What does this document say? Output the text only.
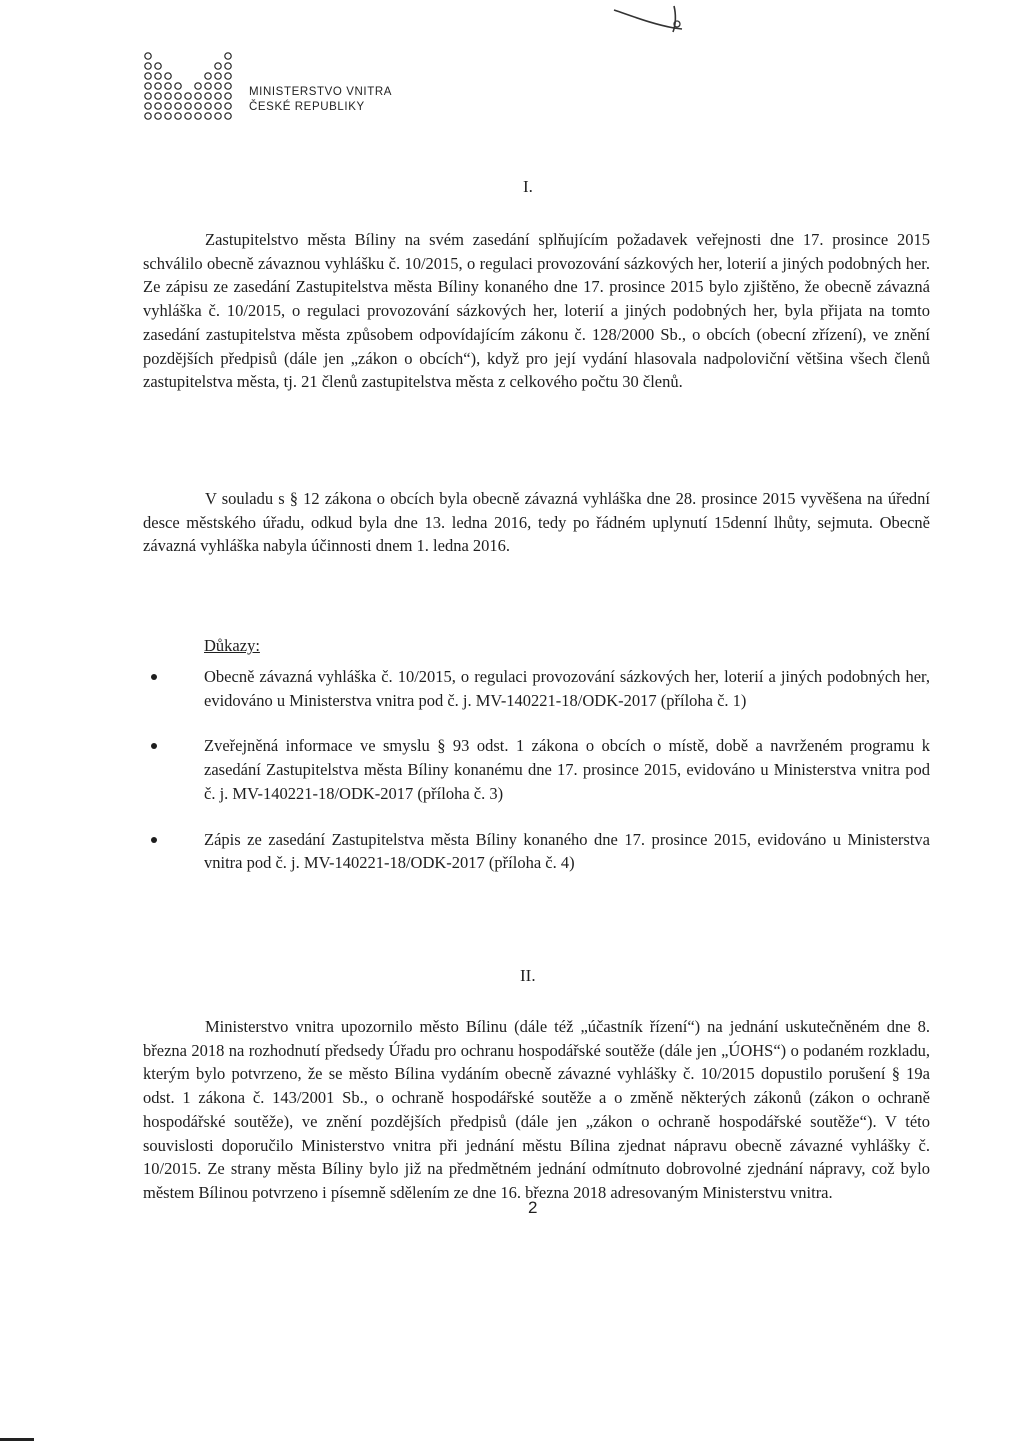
MINISTERSTVO VNITRA
ČESKÉ REPUBLIKY
I.

Zastupitelstvo města Bíliny na svém zasedání splňujícím požadavek veřejnosti dne 17. prosince 2015 schválilo obecně závaznou vyhlášku č. 10/2015, o regulaci provozování sázkových her, loterií a jiných podobných her. Ze zápisu ze zasedání Zastupitelstva města Bíliny konaného dne 17. prosince 2015 bylo zjištěno, že obecně závazná vyhláška č. 10/2015, o regulaci provozování sázkových her, loterií a jiných podobných her, byla přijata na tomto zasedání zastupitelstva města způsobem odpovídajícím zákonu č. 128/2000 Sb., o obcích (obecní zřízení), ve znění pozdějších předpisů (dále jen „zákon o obcích“), když pro její vydání hlasovala nadpoloviční většina všech členů zastupitelstva města, tj. 21 členů zastupitelstva města z celkového počtu 30 členů.

V souladu s § 12 zákona o obcích byla obecně závazná vyhláška dne 28. prosince 2015 vyvěšena na úřední desce městského úřadu, odkud byla dne 13. ledna 2016, tedy po řádném uplynutí 15denní lhůty, sejmuta. Obecně závazná vyhláška nabyla účinnosti dnem 1. ledna 2016.

Důkazy:

Obecně závazná vyhláška č. 10/2015, o regulaci provozování sázkových her, loterií a jiných podobných her, evidováno u Ministerstva vnitra pod č. j. MV-140221-18/ODK-2017 (příloha č. 1)
Zveřejněná informace ve smyslu § 93 odst. 1 zákona o obcích o místě, době a navrženém programu k zasedání Zastupitelstva města Bíliny konanému dne 17. prosince 2015, evidováno u Ministerstva vnitra pod č. j. MV-140221-18/ODK-2017 (příloha č. 3)
Zápis ze zasedání Zastupitelstva města Bíliny konaného dne 17. prosince 2015, evidováno u Ministerstva vnitra pod č. j. MV-140221-18/ODK-2017 (příloha č. 4)
II.

Ministerstvo vnitra upozornilo město Bílinu (dále též „účastník řízení“) na jednání uskutečněném dne 8. března 2018 na rozhodnutí předsedy Úřadu pro ochranu hospodářské soutěže (dále jen „ÚOHS“) o podaném rozkladu, kterým bylo potvrzeno, že se město Bílina vydáním obecně závazné vyhlášky č. 10/2015 dopustilo porušení § 19a odst. 1 zákona č. 143/2001 Sb., o ochraně hospodářské soutěže a o změně některých zákonů (zákon o ochraně hospodářské soutěže), ve znění pozdějších předpisů (dále jen „zákon o ochraně hospodářské soutěže“). V této souvislosti doporučilo Ministerstvo vnitra při jednání městu Bílina zjednat nápravu obecně závazné vyhlášky č. 10/2015. Ze strany města Bíliny bylo již na předmětném jednání odmítnuto dobrovolné zjednání nápravy, což bylo městem Bílinou potvrzeno i písemně sdělením ze dne 16. března 2018 adresovaným Ministerstvu vnitra.

2
